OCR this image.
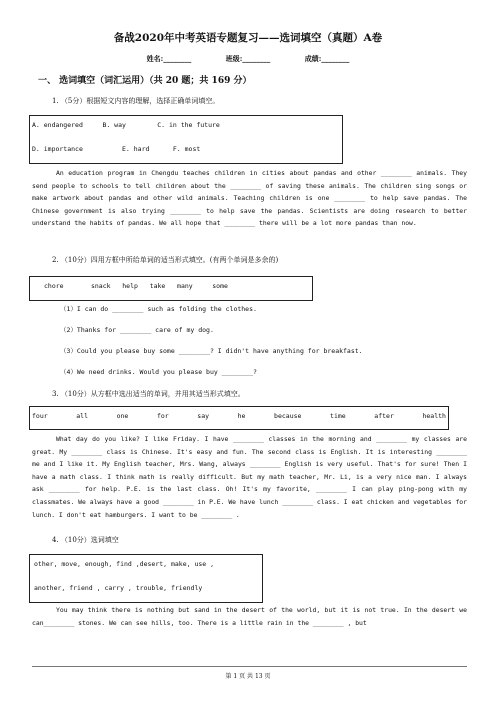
备战2020年中考英语专题复习——选词填空（真题）A卷
姓名:________	班级:________	成绩:________
一、 选词填空（词汇运用）（共 20 题；共 169 分）
1. （5分）根据短文内容的理解，选择正确单词填空。
A. endangered     B. way        C. in the future
D. importance          E. hard      F. most

An education program in Chengdu teaches children in cities about pandas and other ________ animals. They send people to schools to tell children about the ________ of saving these animals. The children sing songs or make artwork about pandas and other wild animals. Teaching children is one ________ to help save pandas. The Chinese government is also trying ________ to help save the pandas. Scientists are doing research to better understand the habits of pandas. We all hope that ________ there will be a lot more pandas than now.

2. （10分）四用方框中所给单词的适当形式填空。(有两个单词是多余的)
chore       snack   help   take   many     some
（1）I can do ________ such as folding the clothes.
（2）Thanks for ________ care of my dog.
（3）Could you please buy some ________? I didn't have anything for breakfast.
（4）We need drinks. Would you please buy ________?
3. （10分）从方框中选出适当的单词，并用其适当形式填空。
four	all	one	for	say	he	because	time	after	health

What day do you like? I like Friday. I have ________ classes in the morning and ________ my classes are great. My ________ class is Chinese. It's easy and fun. The second class is English. It is interesting ________ me and I like it. My English teacher, Mrs. Wang, always ________ English is very useful. That's for sure! Then I have a math class. I think math is really difficult. But my math teacher, Mr. Li, is a very nice man. I always ask ________ for help. P.E. is the last class. Oh! It's my favorite, ________ I can play ping-pong with my classmates. We always have a good ________ in P.E. We have lunch ________ class. I eat chicken and vegetables for lunch. I don't eat hamburgers. I want to be ________ .

4. （10分）选词填空
other, move, enough, find ,desert, make, use ,
another, friend , carry , trouble, friendly

You may think there is nothing but sand in the desert of the world, but it is not true. In the desert we can________ stones. We can see hills, too. There is a little rain in the ________ , but

第 1 页 共 13 页
